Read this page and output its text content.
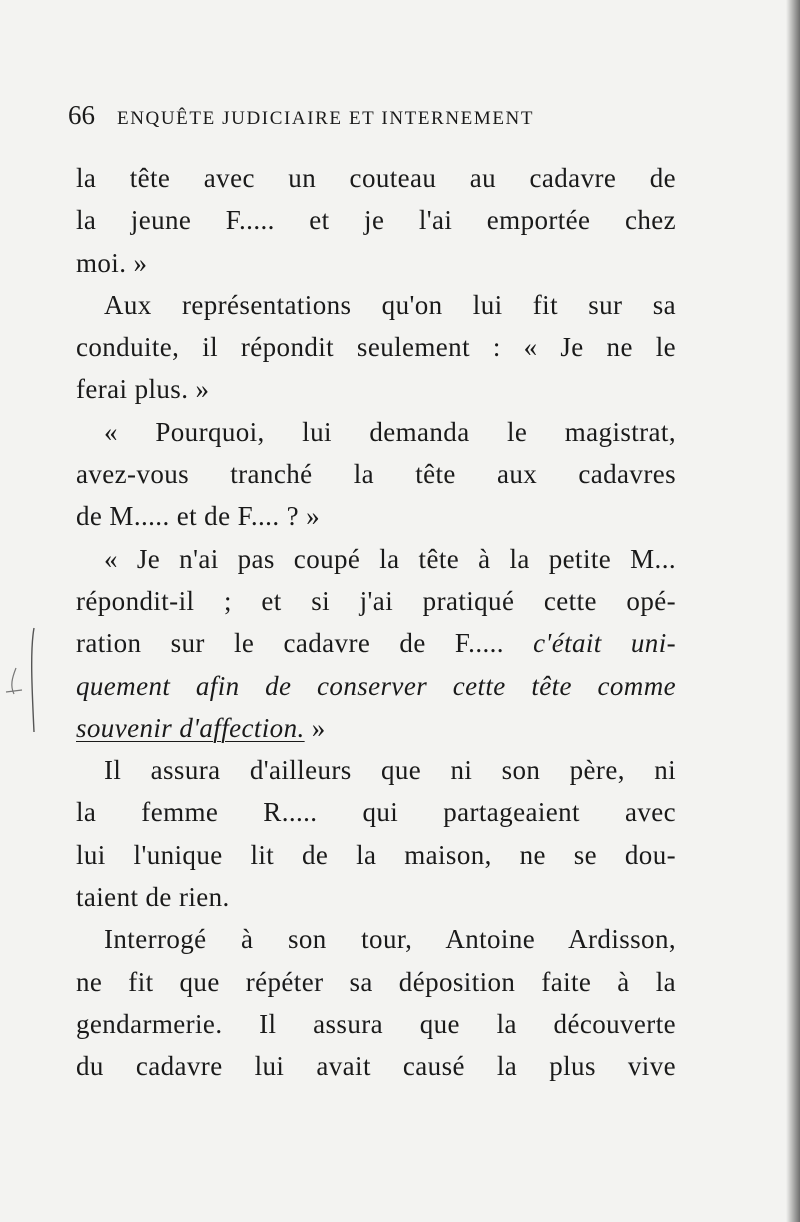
66 ENQUÊTE JUDICIAIRE ET INTERNEMENT
la tête avec un couteau au cadavre de
la jeune F..... et je l'ai emportée chez
moi. »
Aux représentations qu'on lui fit sur sa
conduite, il répondit seulement : « Je ne le
ferai plus. »
« Pourquoi, lui demanda le magistrat,
avez-vous tranché la tête aux cadavres
de M..... et de F.... ? »
« Je n'ai pas coupé la tête à la petite M...
répondit-il ; et si j'ai pratiqué cette opé-
ration sur le cadavre de F..... c'était uni-
quement afin de conserver cette tête comme
souvenir d'affection. »
Il assura d'ailleurs que ni son père, ni
la femme R..... qui partageaient avec
lui l'unique lit de la maison, ne se dou-
taient de rien.
Interrogé à son tour, Antoine Ardisson,
ne fit que répéter sa déposition faite à la
gendarmerie. Il assura que la découverte
du cadavre lui avait causé la plus vive
